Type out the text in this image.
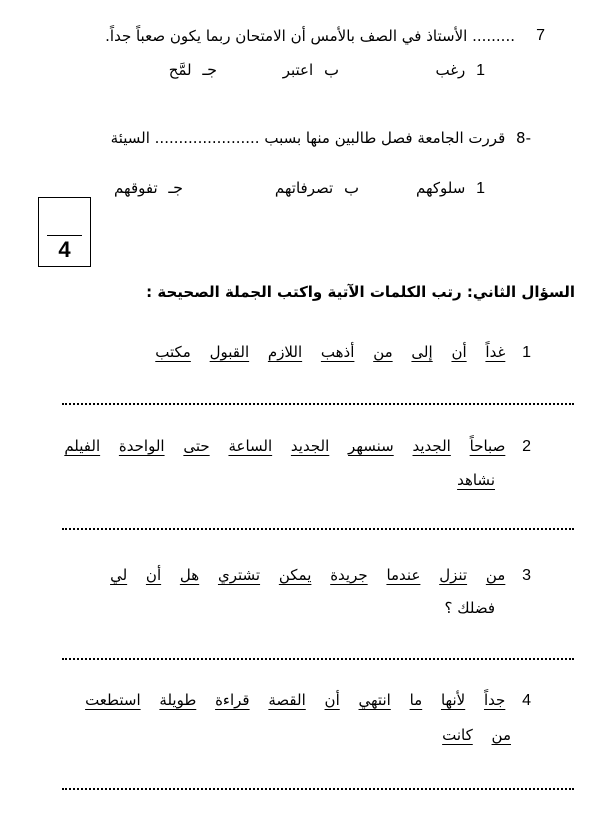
7
......... الأستاذ في الصف بالأمس أن الامتحان ربما يكون صعباً جداً.
1 رغب
ب اعتبر
جـ لمَّح
-8 قررت الجامعة فصل طالبين منها بسبب ...................... السيئة
1 سلوكهم
ب تصرفاتهم
جـ تفوقهم
4
السؤال الثاني: رتب الكلمات الآتية واكتب الجملة الصحيحة :
1 غداً أن إلى من أذهب اللازم القبول مكتب
2 صباحاً الجديد سنسهر الجديد الساعة حتى الواحدة الفيلم
نشاهد
3 من تنزل عندما جريدة يمكن تشتري هل أن لي
فضلك ؟
4 جداً لأنها ما انتهي أن القصة قراءة طويلة استطعت
من كانت
